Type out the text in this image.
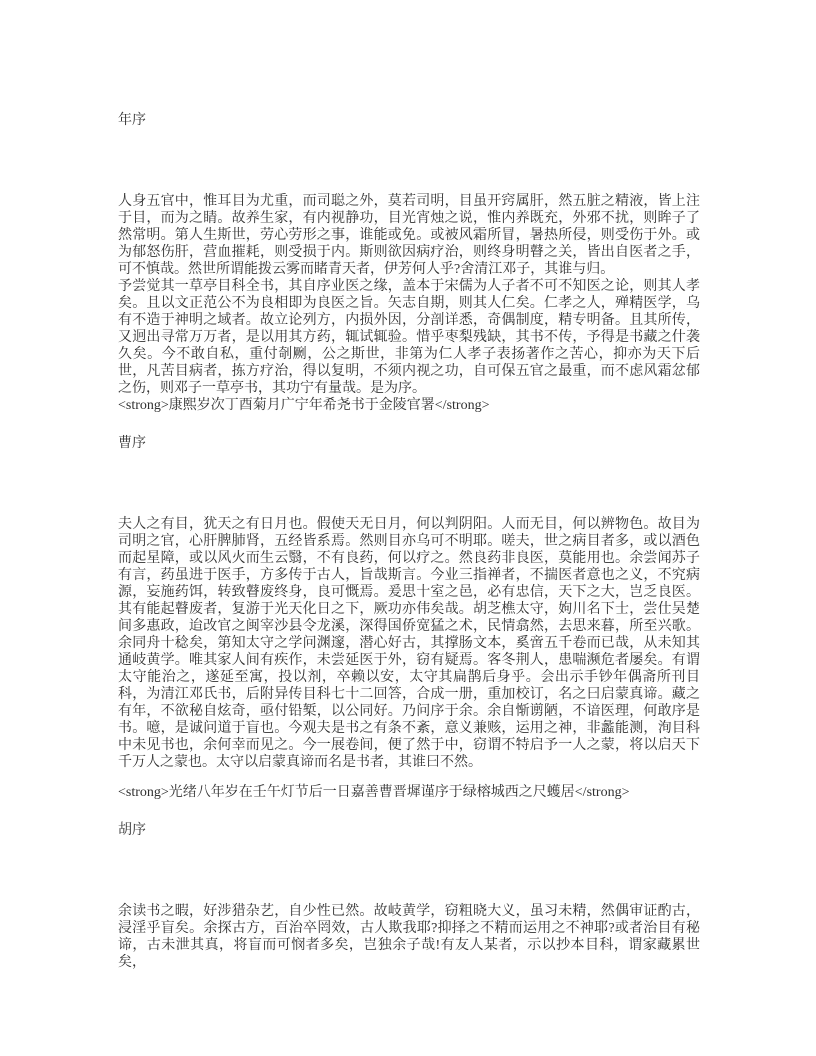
年序

人身五官中，惟耳目为尤重，而司聪之外，莫若司明，目虽开窍属肝，然五脏之精液，皆上注于目，而为之睛。故养生家，有内视静功，目光宵烛之说，惟内养既充，外邪不扰，则眸子了然常明。第人生斯世，劳心劳形之事，谁能或免。或被风霜所冒，暑热所侵，则受伤于外。或为郁怒伤肝，营血摧耗，则受损于内。斯则欲因病疗治，则终身明瞽之关，皆出自医者之手，可不慎哉。然世所谓能拨云雾而睹青天者，伊芳何人乎?舍清江邓子，其谁与归。

予尝觉其一草亭目科全书，其自序业医之缘，盖本于宋儒为人子者不可不知医之论，则其人孝矣。且以文正范公不为良相即为良医之旨。矢志自期，则其人仁矣。仁孝之人，殚精医学，乌有不造于神明之域者。故立论列方，内损外因，分剖详悉，奇偶制度，精专明备。且其所传，又迥出寻常万万者，是以用其方药，辄试辄验。惜乎枣梨残缺，其书不传，予得是书藏之什袭久矣。今不敢自私，重付剞劂，公之斯世，非第为仁人孝子表扬著作之苦心，抑亦为天下后世，凡苦目病者，拣方疗治，得以复明，不须内视之功，自可保五官之最重，而不虑风霜忿郁之伤，则邓子一草亭书，其功宁有量哉。是为序。

<strong>康熙岁次丁酉菊月广宁年希尧书于金陵官署</strong>

曹序

夫人之有目，犹天之有日月也。假使天无日月，何以判阴阳。人而无目，何以辨物色。故目为司明之官，心肝脾肺肾，五经皆系焉。然则目亦乌可不明耶。嗟夫，世之病目者多，或以酒色而起星障，或以风火而生云翳，不有良药，何以疗之。然良药非良医，莫能用也。余尝闻苏子有言，药虽进于医手，方多传于古人，旨哉斯言。今业三指禅者，不揣医者意也之义，不究病源，妄施药饵，转致瞽废终身，良可慨焉。爰思十室之邑，必有忠信，天下之大，岂乏良医。其有能起瞽废者，复游于光天化日之下，厥功亦伟矣哉。胡芝樵太守，姁川名下士，尝仕吴楚间多惠政，迨改官之闽宰沙县令龙溪，深得国侨宽猛之术，民情翕然，去思来暮，所至兴歌。余同舟十稔矣，第知太守之学问渊邃，潜心好古，其撑肠文本，奚啻五千卷而已哉，从未知其通岐黄学。唯其家人间有疾作，未尝延医于外，窃有疑焉。客冬荆人，患喘濒危者屡矣。有谓太守能治之，遂延至寓，投以剂，卒赖以安，太守其扁鹊后身乎。会出示手钞年偶斋所刊目科，为清江邓氏书，后附异传目科七十二回答，合成一册，重加校订，名之曰启蒙真谛。藏之有年，不欲秘自炫奇，亟付铅椠，以公同好。乃问序于余。余自惭谫陋，不谙医理，何敢序是书。噫，是诚问道于盲也。今观夫是书之有条不紊，意义兼赅，运用之神，非蠡能测，洵目科中未见书也，余何幸而见之。今一展卷间，便了然于中，窃谓不特启予一人之蒙，将以启天下千万人之蒙也。太守以启蒙真谛而名是书者，其谁曰不然。

<strong>光绪八年岁在壬午灯节后一日嘉善曹晋墀谨序于绿榕城西之尺蠖居</strong>

胡序

余读书之暇，好涉猎杂艺，自少性已然。故岐黄学，窃粗晓大义，虽习未精，然偶审证酌古，浸淫乎盲矣。余探古方，百治卒罔效，古人欺我耶?抑择之不精而运用之不神耶?或者治目有秘谛，古未泄其真，将盲而可悯者多矣，岂独余子哉!有友人某者，示以抄本目科，谓家藏累世矣，
